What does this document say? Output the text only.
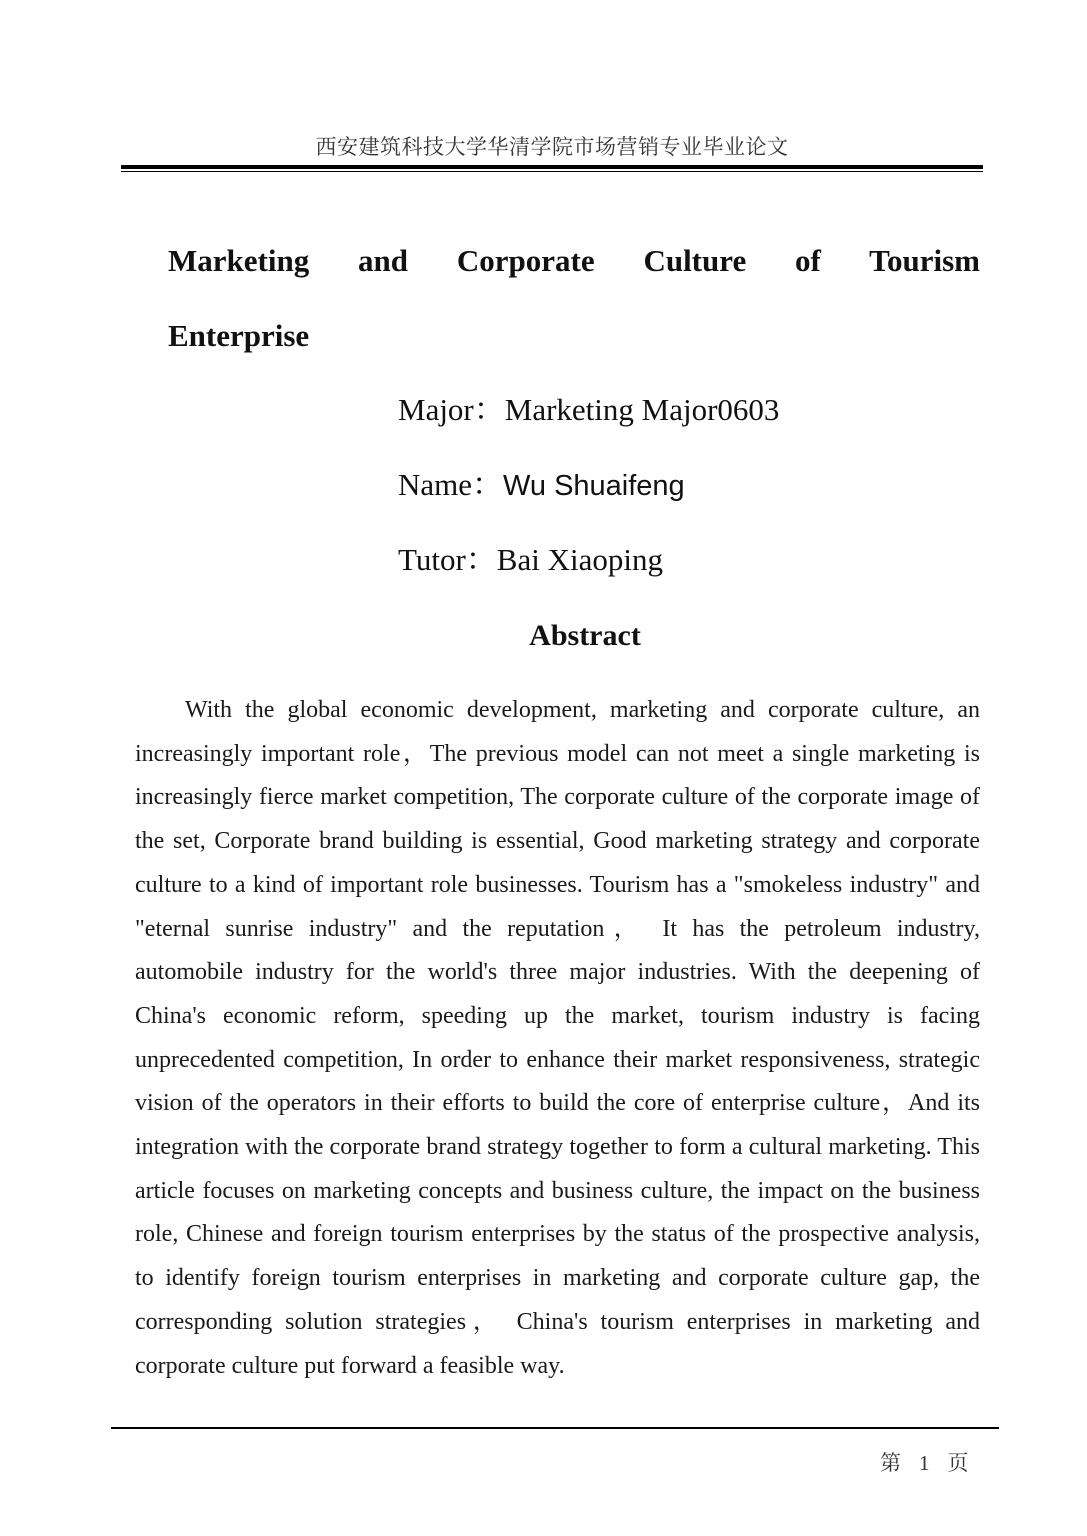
西安建筑科技大学华清学院市场营销专业毕业论文
Marketing and Corporate Culture of Tourism
Enterprise
Major：Marketing Major0603
Name：Wu Shuaifeng
Tutor：Bai Xiaoping
Abstract

With the global economic development, marketing and corporate culture, an increasingly important role，The previous model can not meet a single marketing is increasingly fierce market competition, The corporate culture of the corporate image of the set, Corporate brand building is essential, Good marketing strategy and corporate culture to a kind of important role businesses. Tourism has a "smokeless industry" and "eternal sunrise industry" and the reputation， It has the petroleum industry, automobile industry for the world's three major industries. With the deepening of China's economic reform, speeding up the market, tourism industry is facing unprecedented competition, In order to enhance their market responsiveness, strategic vision of the operators in their efforts to build the core of enterprise culture，And its integration with the corporate brand strategy together to form a cultural marketing. This article focuses on marketing concepts and business culture, the impact on the business role, Chinese and foreign tourism enterprises by the status of the prospective analysis, to identify foreign tourism enterprises in marketing and corporate culture gap, the corresponding solution strategies， China's tourism enterprises in marketing and corporate culture put forward a feasible way.

第 1 页
